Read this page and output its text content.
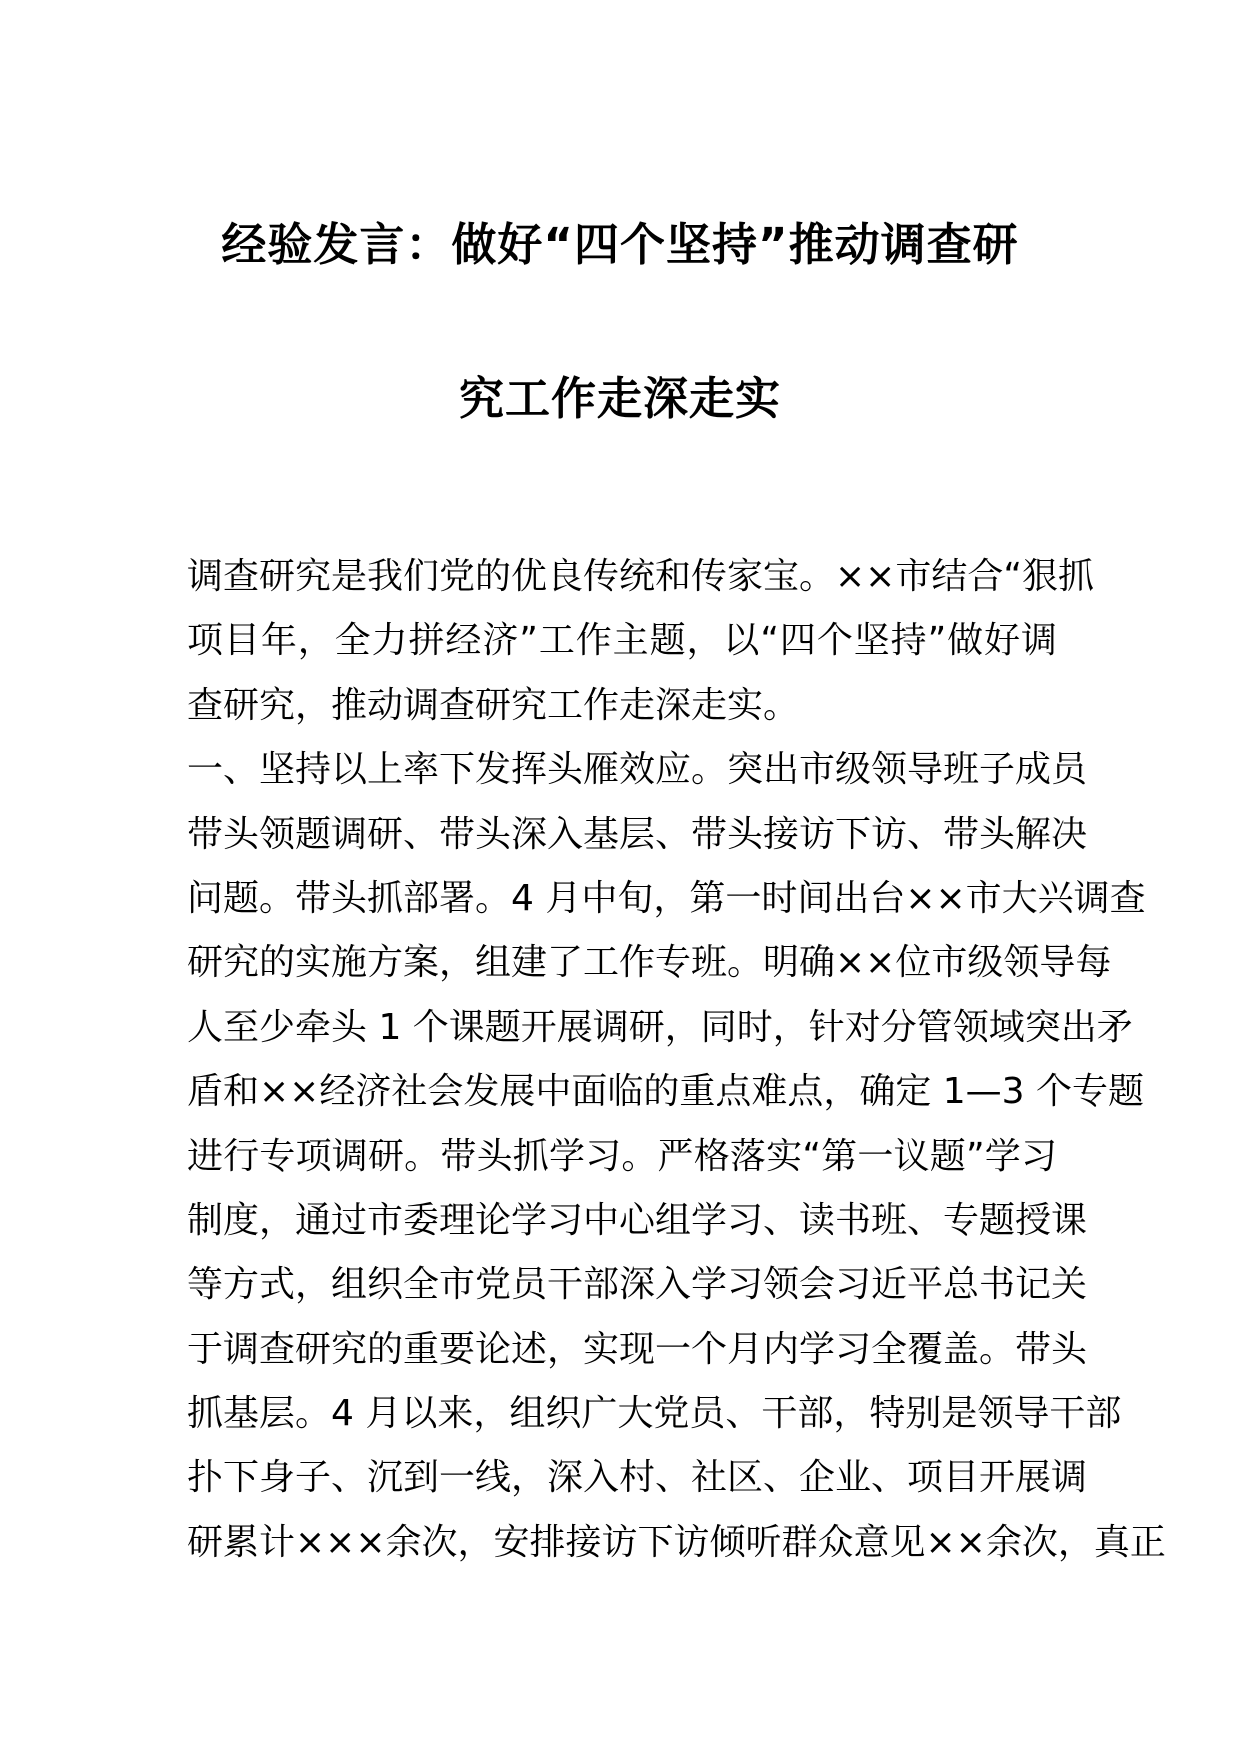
经验发言：做好“四个坚持”推动调查研
究工作走深走实
调查研究是我们党的优良传统和传家宝。××市结合“狠抓
项目年，全力拼经济”工作主题，以“四个坚持”做好调
查研究，推动调查研究工作走深走实。
一、坚持以上率下发挥头雁效应。突出市级领导班子成员
带头领题调研、带头深入基层、带头接访下访、带头解决
问题。带头抓部署。4 月中旬，第一时间出台××市大兴调查
研究的实施方案，组建了工作专班。明确××位市级领导每
人至少牵头 1 个课题开展调研，同时，针对分管领域突出矛
盾和××经济社会发展中面临的重点难点，确定 1—3 个专题
进行专项调研。带头抓学习。严格落实“第一议题”学习
制度，通过市委理论学习中心组学习、读书班、专题授课
等方式，组织全市党员干部深入学习领会习近平总书记关
于调查研究的重要论述，实现一个月内学习全覆盖。带头
抓基层。4 月以来，组织广大党员、干部，特别是领导干部
扑下身子、沉到一线，深入村、社区、企业、项目开展调
研累计×××余次，安排接访下访倾听群众意见××余次，真正
